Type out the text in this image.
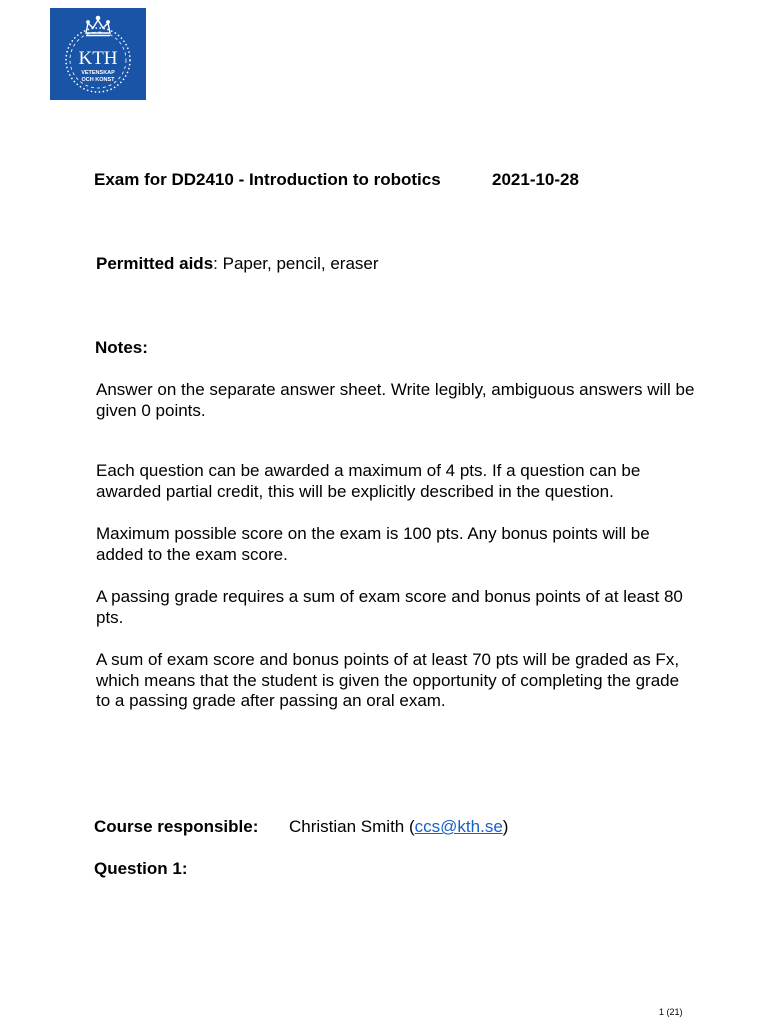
KTH
VETENSKAP
OCH KONST
Exam for DD2410 - Introduction to robotics	2021-10-28
Permitted aids: Paper, pencil, eraser
Notes:
Answer on the separate answer sheet. Write legibly, ambiguous answers will be given 0 points.
Each question can be awarded a maximum of 4 pts. If a question can be awarded partial credit, this will be explicitly described in the question.
Maximum possible score on the exam is 100 pts. Any bonus points will be added to the exam score.
A passing grade requires a sum of exam score and bonus points of at least 80 pts.
A sum of exam score and bonus points of at least 70 pts will be graded as Fx, which means that the student is given the opportunity of completing the grade to a passing grade after passing an oral exam.
Course responsible: Christian Smith (ccs@kth.se)
Question 1:
1 (21)
